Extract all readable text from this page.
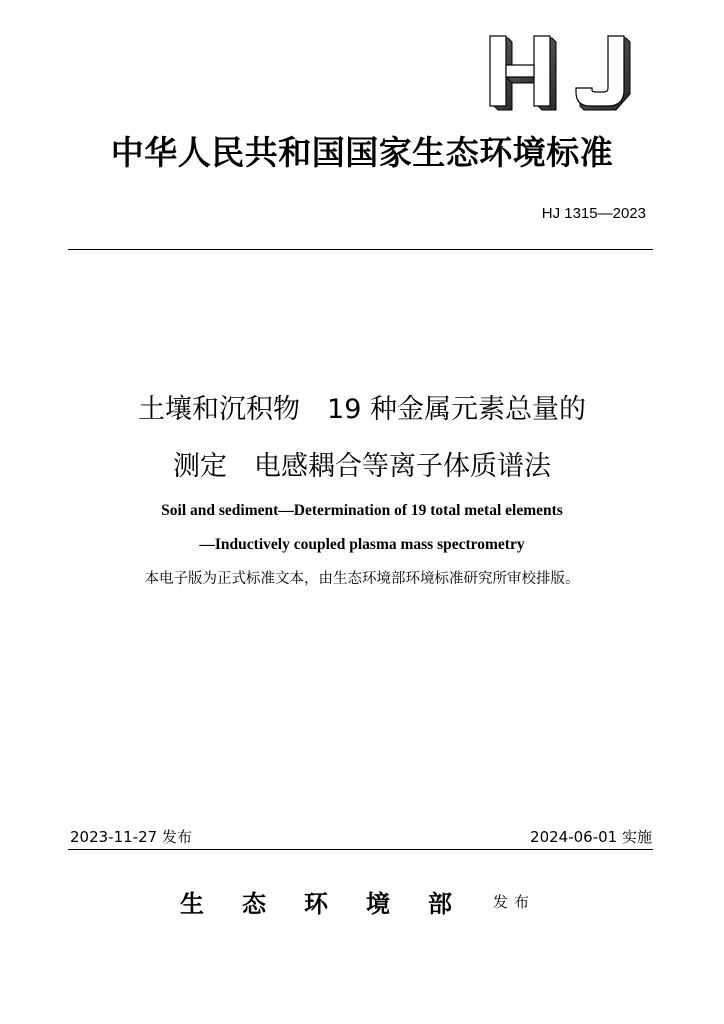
中华人民共和国国家生态环境标准
HJ 1315—2023
土壤和沉积物　19 种金属元素总量的
测定　电感耦合等离子体质谱法
Soil and sediment—Determination of 19 total metal elements
—Inductively coupled plasma mass spectrometry
本电子版为正式标准文本，由生态环境部环境标准研究所审校排版。
2023-11-27 发布	2024-06-01 实施
生态环境部 发布
